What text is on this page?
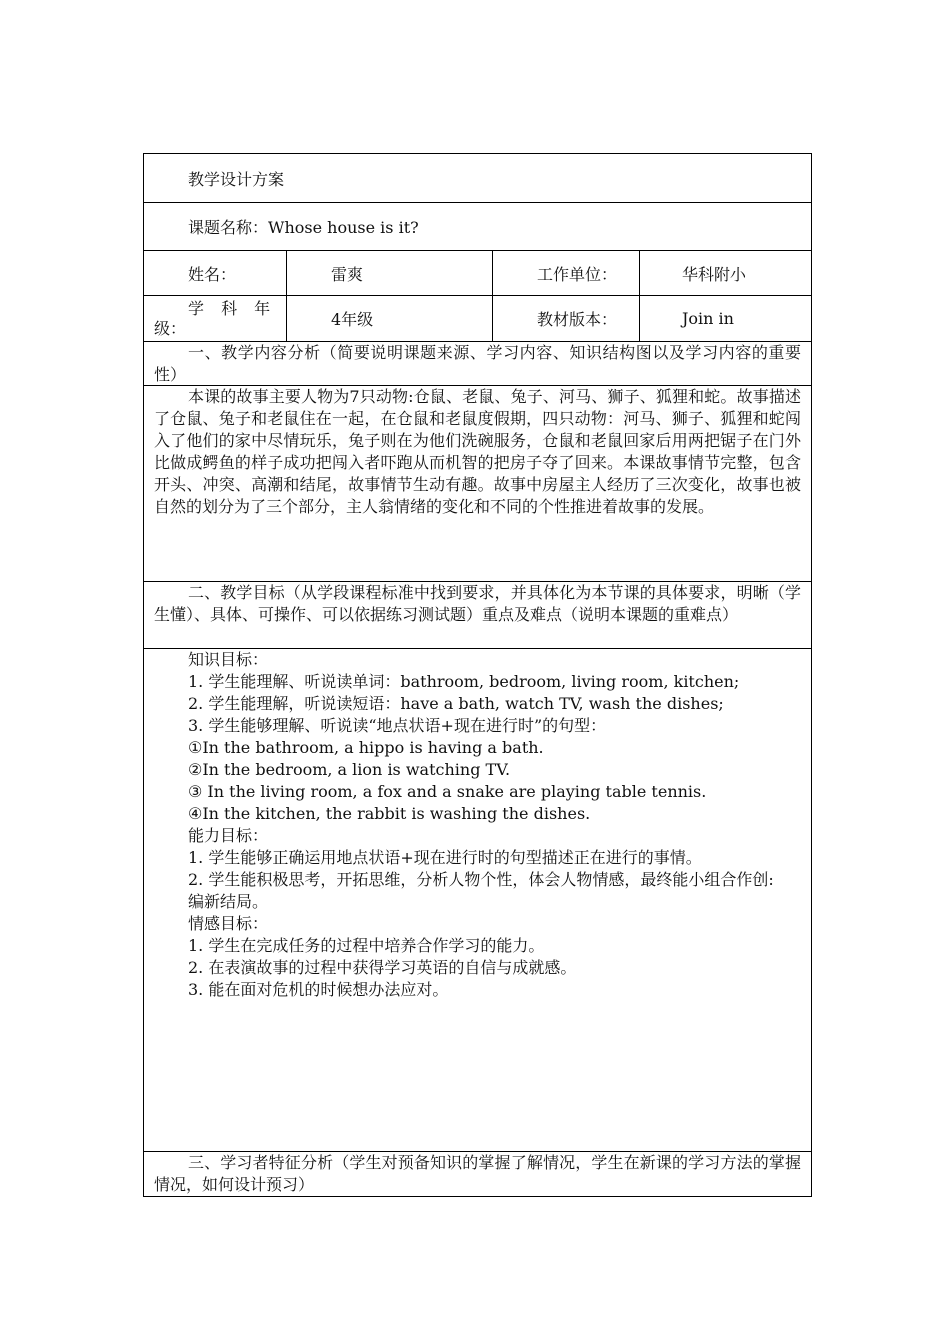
教学设计方案
课题名称：Whose house is it?
姓名：	雷爽	工作单位：	华科附小
学 科 年
级：	4年级	教材版本：	Join in

一、教学内容分析（简要说明课题来源、学习内容、知识结构图以及学习内容的重要性）

本课的故事主要人物为7只动物:仓鼠、老鼠、兔子、河马、狮子、狐狸和蛇。故事描述了仓鼠、兔子和老鼠住在一起，在仓鼠和老鼠度假期，四只动物：河马、狮子、狐狸和蛇闯入了他们的家中尽情玩乐，兔子则在为他们洗碗服务，仓鼠和老鼠回家后用两把锯子在门外比做成鳄鱼的样子成功把闯入者吓跑从而机智的把房子夺了回来。本课故事情节完整，包含开头、冲突、高潮和结尾，故事情节生动有趣。故事中房屋主人经历了三次变化，故事也被自然的划分为了三个部分，主人翁情绪的变化和不同的个性推进着故事的发展。

二、教学目标（从学段课程标准中找到要求，并具体化为本节课的具体要求，明晰（学生懂）、具体、可操作、可以依据练习测试题）重点及难点（说明本课题的重难点）

知识目标：

1. 学生能理解、听说读单词：bathroom, bedroom, living room, kitchen;

2. 学生能理解，听说读短语：have a bath, watch TV, wash the dishes;

3. 学生能够理解、听说读“地点状语+现在进行时”的句型：

①In the bathroom, a hippo is having a bath.

②In the bedroom, a lion is watching TV.

③ In the living room, a fox and a snake are playing table tennis.

④In the kitchen, the rabbit is washing the dishes.

能力目标：

1. 学生能够正确运用地点状语+现在进行时的句型描述正在进行的事情。

2. 学生能积极思考，开拓思维，分析人物个性，体会人物情感，最终能小组合作创:

编新结局。

情感目标：

1. 学生在完成任务的过程中培养合作学习的能力。

2. 在表演故事的过程中获得学习英语的自信与成就感。

3. 能在面对危机的时候想办法应对。

三、学习者特征分析（学生对预备知识的掌握了解情况，学生在新课的学习方法的掌握情况，如何设计预习）
